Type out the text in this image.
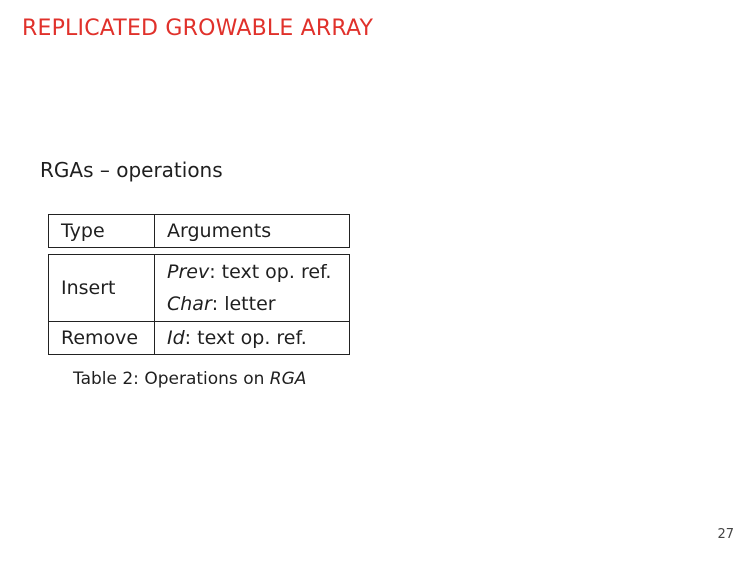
REPLICATED GROWABLE ARRAY
RGAs – operations
Type	Arguments
Insert
Prev: text op. ref.
Char: letter
Remove	Id: text op. ref.
Table 2: Operations on RGA
27
